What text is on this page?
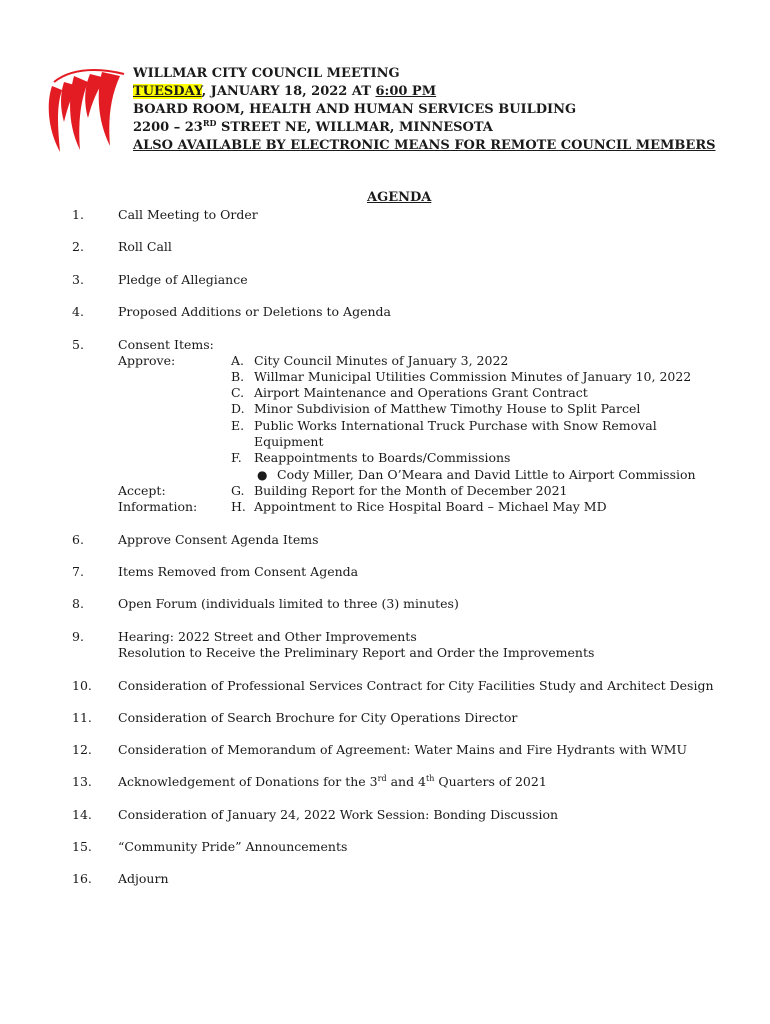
WILLMAR CITY COUNCIL MEETING
TUESDAY, JANUARY 18, 2022 AT 6:00 PM
BOARD ROOM, HEALTH AND HUMAN SERVICES BUILDING
2200 – 23RD STREET NE, WILLMAR, MINNESOTA
ALSO AVAILABLE BY ELECTRONIC MEANS FOR REMOTE COUNCIL MEMBERS
AGENDA
1.	Call Meeting to Order
2.	Roll Call
3.	Pledge of Allegiance
4.	Proposed Additions or Deletions to Agenda
5.	Consent Items:
Approve:	A. City Council Minutes of January 3, 2022
B. Willmar Municipal Utilities Commission Minutes of January 10, 2022
C. Airport Maintenance and Operations Grant Contract
D. Minor Subdivision of Matthew Timothy House to Split Parcel
E. Public Works International Truck Purchase with Snow Removal
Equipment
F. Reappointments to Boards/Commissions
● Cody Miller, Dan O’Meara and David Little to Airport Commission
Accept:	G. Building Report for the Month of December 2021
Information:	H. Appointment to Rice Hospital Board – Michael May MD
6.	Approve Consent Agenda Items
7.	Items Removed from Consent Agenda
8.	Open Forum (individuals limited to three (3) minutes)
9.	Hearing: 2022 Street and Other Improvements
Resolution to Receive the Preliminary Report and Order the Improvements
10.	Consideration of Professional Services Contract for City Facilities Study and Architect Design
11.	Consideration of Search Brochure for City Operations Director
12.	Consideration of Memorandum of Agreement: Water Mains and Fire Hydrants with WMU
13.	Acknowledgement of Donations for the 3rd and 4th Quarters of 2021
14.	Consideration of January 24, 2022 Work Session: Bonding Discussion
15.	“Community Pride” Announcements
16.	Adjourn
